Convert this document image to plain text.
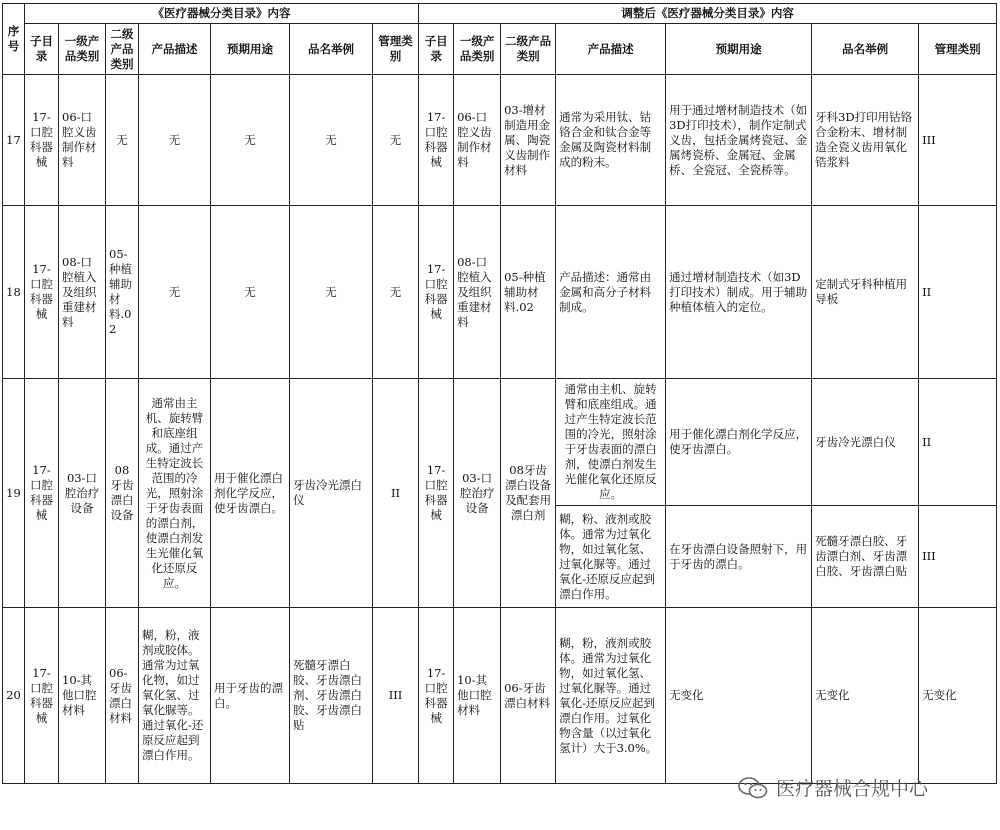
序号	《医疗器械分类目录》内容							调整后《医疗器械分类目录》内容						
	子目录	一级产品类别	二级产品类别	产品描述	预期用途	品名举例	管理类别	子目录	一级产品类别	二级产品类别	产品描述	预期用途	品名举例	管理类别
17	17-口腔科器械	06-口腔义齿制作材料	无	无	无	无	无	17-口腔科器械	06-口腔义齿制作材料	03-增材制造用金属、陶瓷义齿制作材料	通常为采用钛、钴铬合金和钛合金等金属及陶瓷材料制成的粉末。	用于通过增材制造技术（如3D打印技术），制作定制式义齿，包括金属烤瓷冠、金属烤瓷桥、金属冠、金属桥、全瓷冠、全瓷桥等。	牙科3D打印用钴铬合金粉末、增材制造全瓷义齿用氧化锆浆料	III
18	17-口腔科器械	08-口腔植入及组织重建材料	05-种植辅助材料.02	无	无	无	无	17-口腔科器械	08-口腔植入及组织重建材料	05-种植辅助材料.02	产品描述：通常由金属和高分子材料制成。	通过增材制造技术（如3D打印技术）制成。用于辅助种植体植入的定位。	定制式牙科种植用导板	II
19	17-口腔科器械	03-口腔治疗设备	08牙齿漂白设备	通常由主机、旋转臂和底座组成。通过产生特定波长范围的冷光，照射涂于牙齿表面的漂白剂，使漂白剂发生光催化氧化还原反应。	用于催化漂白剂化学反应，使牙齿漂白。	牙齿冷光漂白仪	II	17-口腔科器械	03-口腔治疗设备	08牙齿漂白设备及配套用漂白剂	通常由主机、旋转臂和底座组成。通过产生特定波长范围的冷光，照射涂于牙齿表面的漂白剂，使漂白剂发生光催化氧化还原反应。	用于催化漂白剂化学反应，使牙齿漂白。	牙齿冷光漂白仪	II
											糊，粉、液剂或胶体。通常为过氧化物，如过氧化氢、过氧化脲等。通过氧化-还原反应起到漂白作用。	在牙齿漂白设备照射下，用于牙齿的漂白。	死髓牙漂白胶、牙齿漂白剂、牙齿漂白胶、牙齿漂白贴	III
20	17-口腔科器械	10-其他口腔材料	06-牙齿漂白材料	糊，粉，液剂或胶体。通常为过氧化物，如过氧化氢、过氧化脲等。通过氧化-还原反应起到漂白作用。	用于牙齿的漂白。	死髓牙漂白胶、牙齿漂白剂、牙齿漂白胶、牙齿漂白贴	III	17-口腔科器械	10-其他口腔材料	06-牙齿漂白材料	糊，粉，液剂或胶体。通常为过氧化物，如过氧化氢、过氧化脲等。通过氧化-还原反应起到漂白作用。过氧化物含量（以过氧化氢计）大于3.0%。	无变化	无变化	无变化
医疗器械合规中心
